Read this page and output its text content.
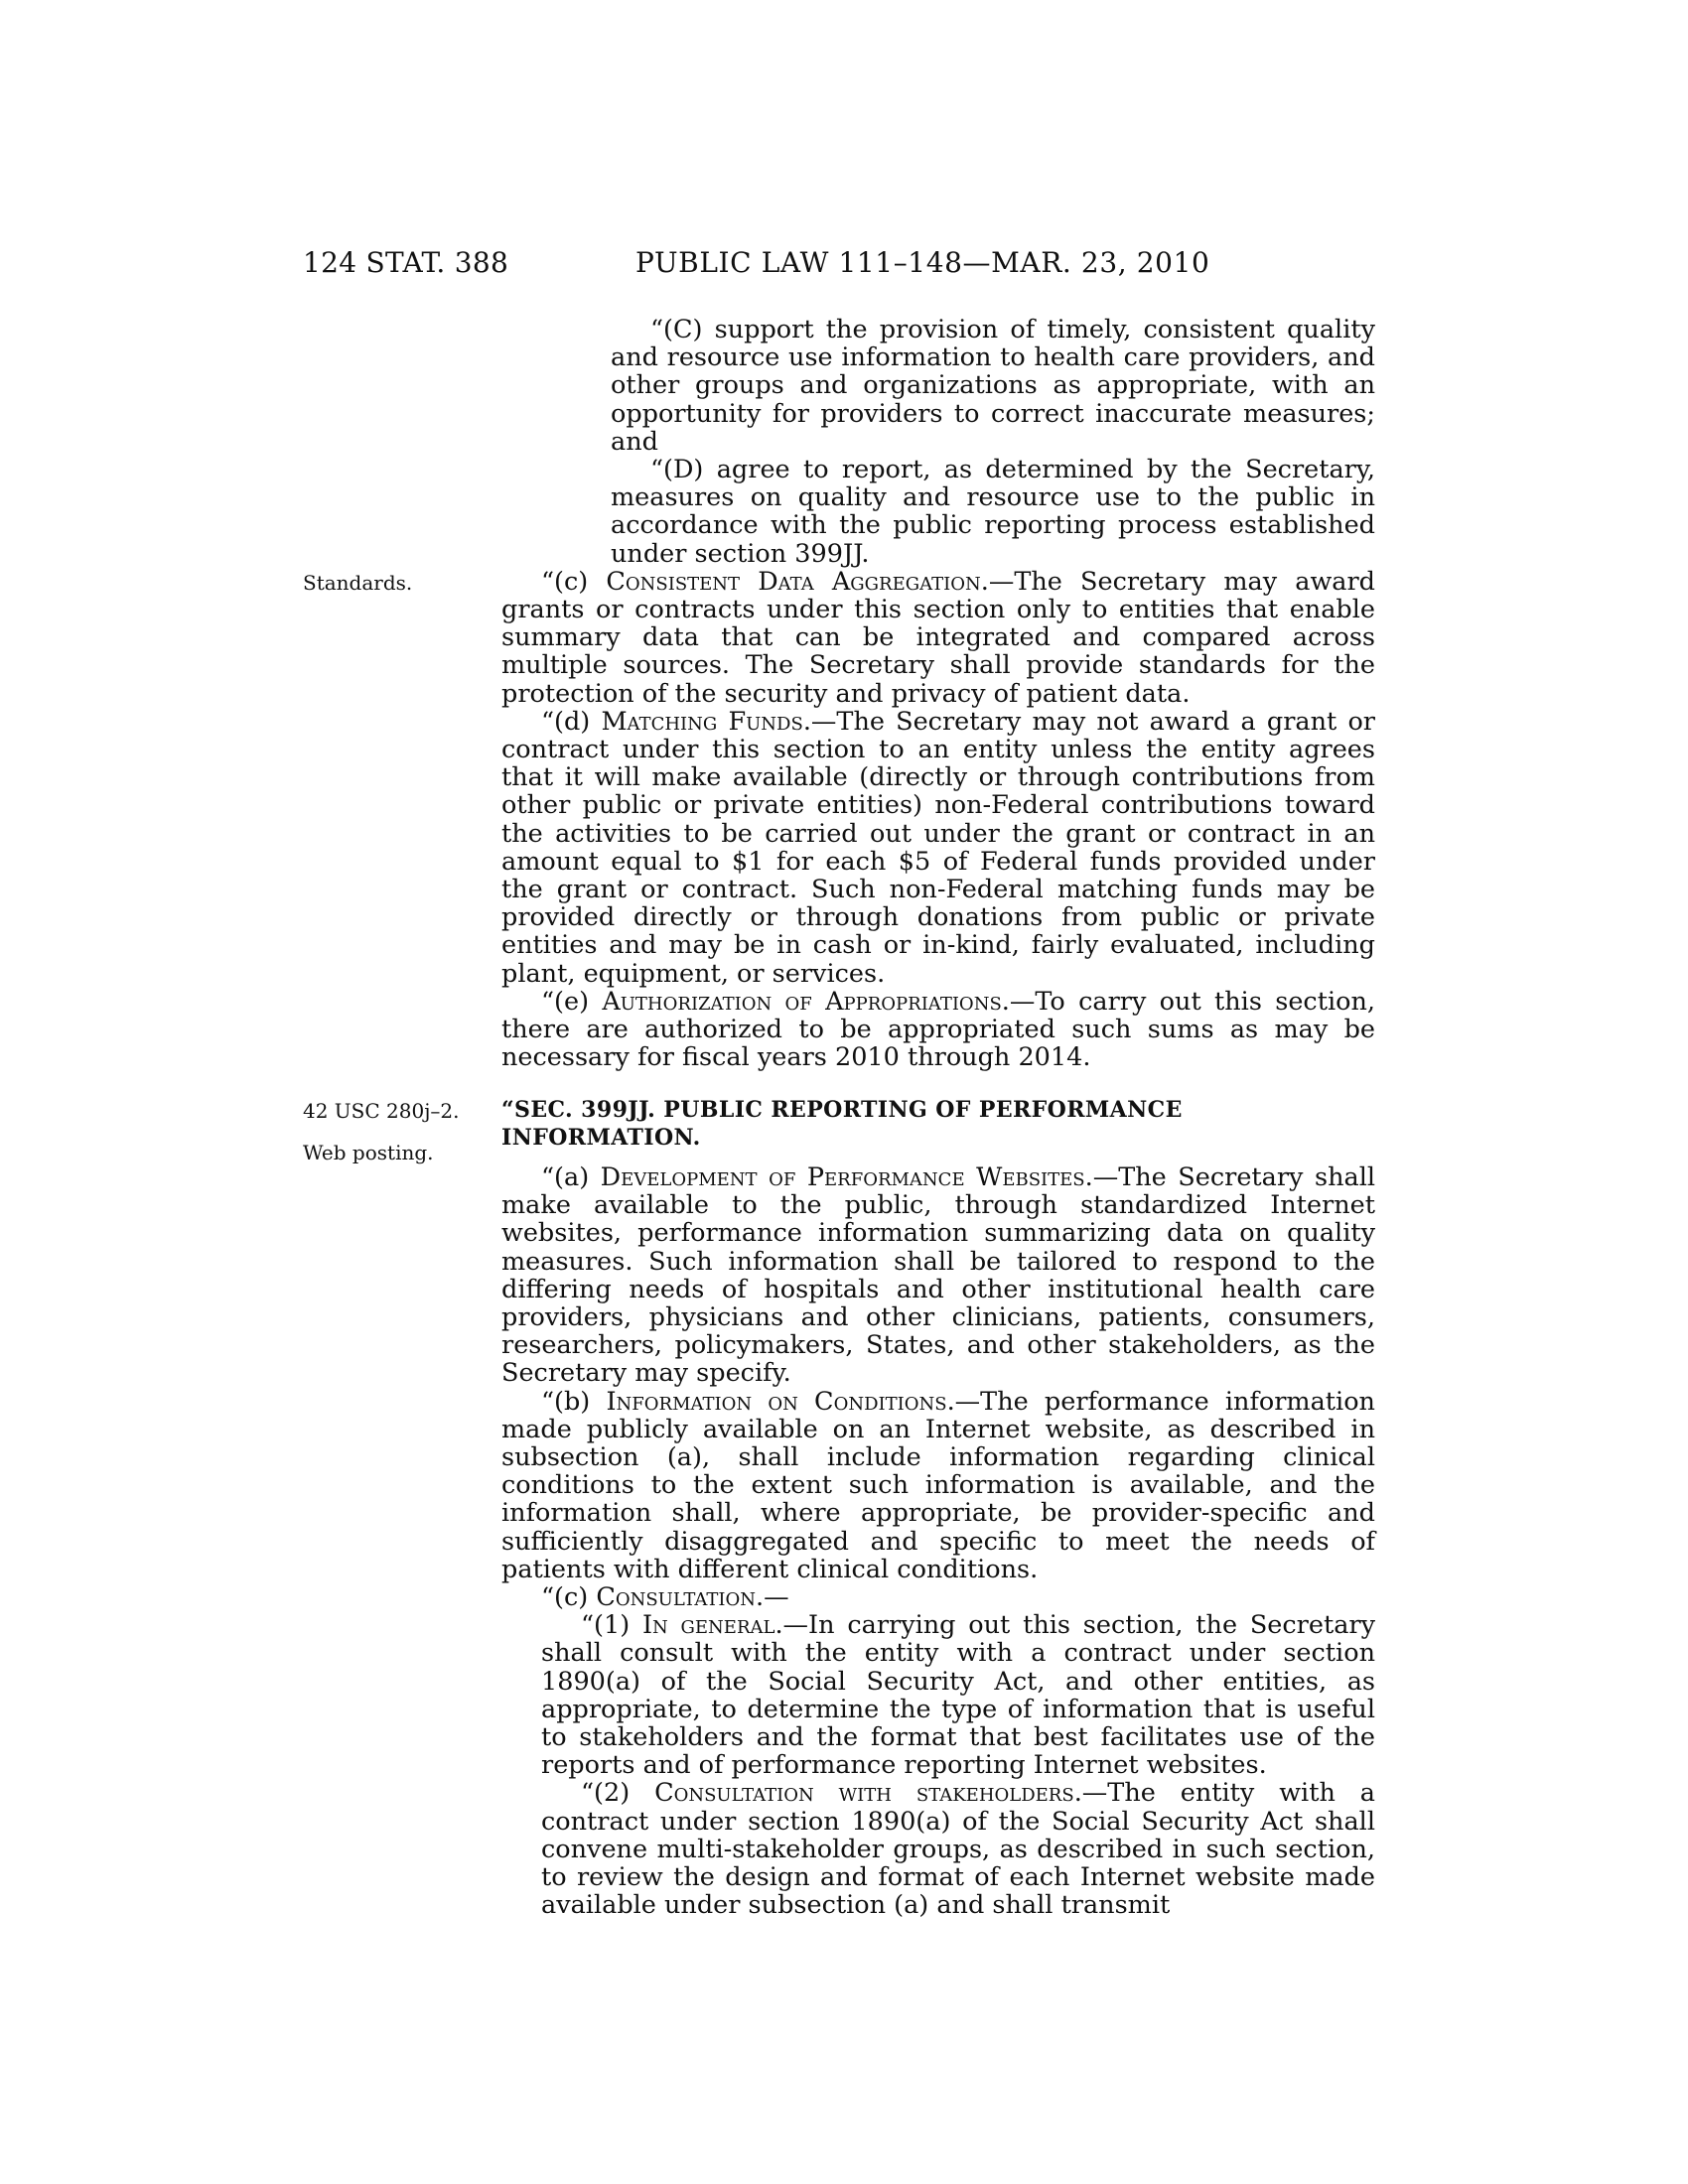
124 STAT. 388	PUBLIC LAW 111–148—MAR. 23, 2010
Standards.
42 USC 280j–2.
Web posting.

“(C) support the provision of timely, consistent quality and resource use information to health care providers, and other groups and organizations as appropriate, with an opportunity for providers to correct inaccurate measures; and

“(D) agree to report, as determined by the Secretary, measures on quality and resource use to the public in accordance with the public reporting process established under section 399JJ.

“(c) Consistent Data Aggregation.—The Secretary may award grants or contracts under this section only to entities that enable summary data that can be integrated and compared across multiple sources. The Secretary shall provide standards for the protection of the security and privacy of patient data.

“(d) Matching Funds.—The Secretary may not award a grant or contract under this section to an entity unless the entity agrees that it will make available (directly or through contributions from other public or private entities) non-Federal contributions toward the activities to be carried out under the grant or contract in an amount equal to $1 for each $5 of Federal funds provided under the grant or contract. Such non-Federal matching funds may be provided directly or through donations from public or private entities and may be in cash or in-kind, fairly evaluated, including plant, equipment, or services.

“(e) Authorization of Appropriations.—To carry out this section, there are authorized to be appropriated such sums as may be necessary for fiscal years 2010 through 2014.

“SEC. 399JJ. PUBLIC REPORTING OF PERFORMANCE INFORMATION.

“(a) Development of Performance Websites.—The Secretary shall make available to the public, through standardized Internet websites, performance information summarizing data on quality measures. Such information shall be tailored to respond to the differing needs of hospitals and other institutional health care providers, physicians and other clinicians, patients, consumers, researchers, policymakers, States, and other stakeholders, as the Secretary may specify.

“(b) Information on Conditions.—The performance information made publicly available on an Internet website, as described in subsection (a), shall include information regarding clinical conditions to the extent such information is available, and the information shall, where appropriate, be provider-specific and sufficiently disaggregated and specific to meet the needs of patients with different clinical conditions.

“(c) Consultation.—

“(1) In general.—In carrying out this section, the Secretary shall consult with the entity with a contract under section 1890(a) of the Social Security Act, and other entities, as appropriate, to determine the type of information that is useful to stakeholders and the format that best facilitates use of the reports and of performance reporting Internet websites.

“(2) Consultation with stakeholders.—The entity with a contract under section 1890(a) of the Social Security Act shall convene multi-stakeholder groups, as described in such section, to review the design and format of each Internet website made available under subsection (a) and shall transmit
